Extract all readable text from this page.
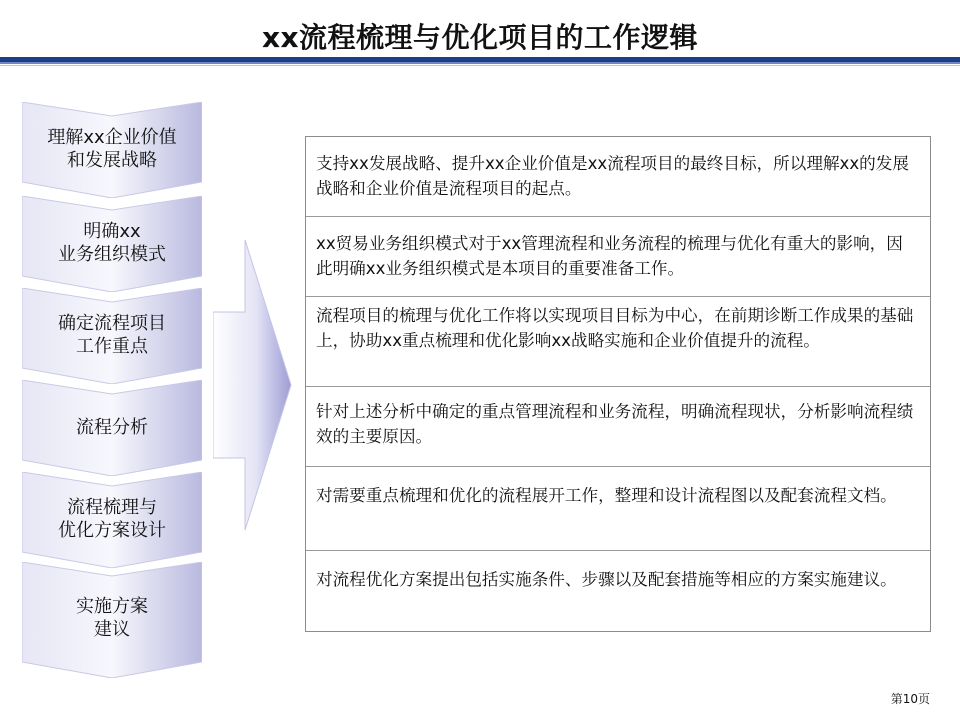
xx流程梳理与优化项目的工作逻辑
理解xx企业价值
和发展战略
明确xx
业务组织模式
确定流程项目
工作重点
流程分析
流程梳理与
优化方案设计
实施方案
建议
支持xx发展战略、提升xx企业价值是xx流程项目的最终目标，所以理解xx的发展战略和企业价值是流程项目的起点。
xx贸易业务组织模式对于xx管理流程和业务流程的梳理与优化有重大的影响，因此明确xx业务组织模式是本项目的重要准备工作。
流程项目的梳理与优化工作将以实现项目目标为中心，在前期诊断工作成果的基础上，协助xx重点梳理和优化影响xx战略实施和企业价值提升的流程。
针对上述分析中确定的重点管理流程和业务流程，明确流程现状，分析影响流程绩效的主要原因。
对需要重点梳理和优化的流程展开工作，整理和设计流程图以及配套流程文档。
对流程优化方案提出包括实施条件、步骤以及配套措施等相应的方案实施建议。
第10页
